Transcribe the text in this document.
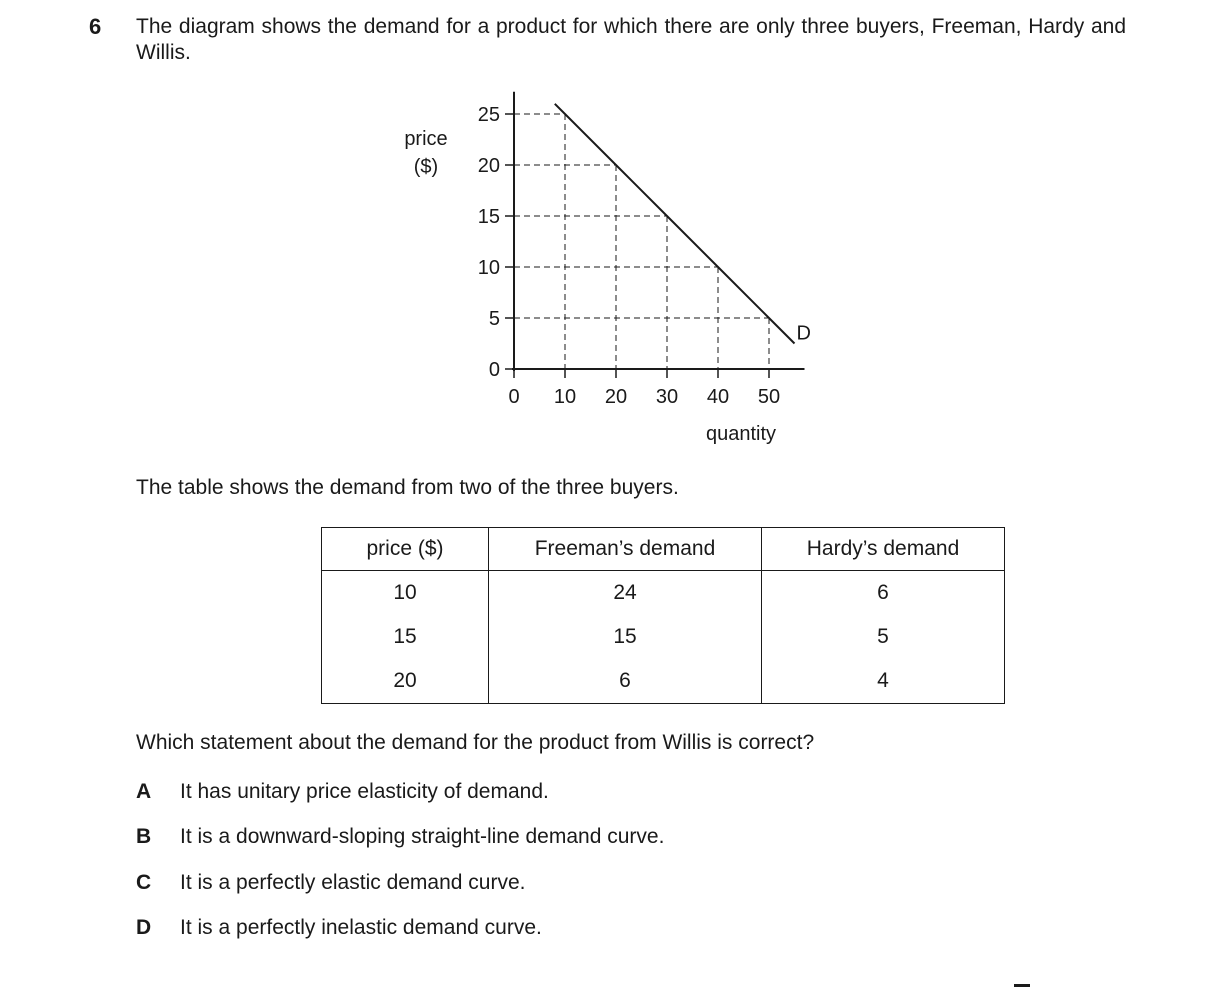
6 The diagram shows the demand for a product for which there are only three buyers, Freeman, Hardy and Willis.

0
5
10
15
20
25
0 10 20 30 40 50
D
price
($)
quantity

The table shows the demand from two of the three buyers.

price ($)	Freeman’s demand	Hardy’s demand
10	24	6
15	15	5
20	6	4

Which statement about the demand for the product from Willis is correct?

A It has unitary price elasticity of demand.
B It is a downward-sloping straight-line demand curve.
C It is a perfectly elastic demand curve.
D It is a perfectly inelastic demand curve.
